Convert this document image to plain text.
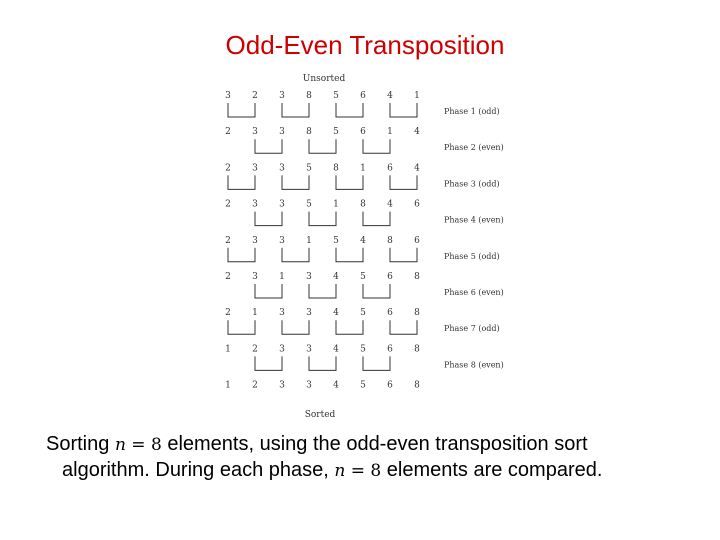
Odd-Even Transposition
Unsorted
Sorted
3 2 3 8 5 6 4 1
2 3 3 8 5 6 1 4
2 3 3 5 8 1 6 4
2 3 3 5 1 8 4 6
2 3 3 1 5 4 8 6
2 3 1 3 4 5 6 8
2 1 3 3 4 5 6 8
1 2 3 3 4 5 6 8
1 2 3 3 4 5 6 8
Phase 1 (odd)
Phase 2 (even)
Phase 3 (odd)
Phase 4 (even)
Phase 5 (odd)
Phase 6 (even)
Phase 7 (odd)
Phase 8 (even)
Sorting n = 8 elements, using the odd-even transposition sort
algorithm. During each phase, n = 8 elements are compared.
